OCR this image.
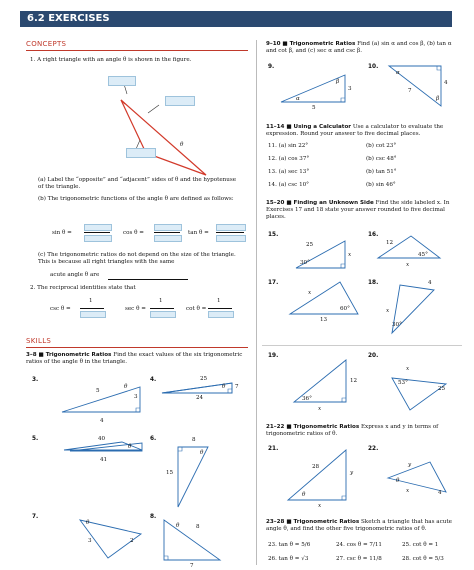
6.2 EXERCISES
CONCEPTS
1. A right triangle with an angle θ is shown in the figure.
θ
(a) Label the “opposite” and “adjacent” sides of θ and the hypotenuse of the triangle.
(b) The trigonometric functions of the angle θ are defined as follows:
sin θ =	cos θ =	tan θ =
(c) The trigonometric ratios do not depend on the size of the triangle. This is because all right triangles with the same
acute angle θ are
2. The reciprocal identities state that
csc θ =
1
sec θ =
1
cot θ =
1
SKILLS
3–8 ■ Trigonometric Ratios Find the exact values of the six trigonometric ratios of the angle θ in the triangle.
3.
5
3
4
θ
4.	25
7
24
θ
5.	40
41
θ
6.	8
15
θ
7.
3	2
θ
8.
8
7
θ
9–10 ■ Trigonometric Ratios Find (a) sin α and cos β, (b) tan α and cot β, and (c) sec α and csc β.
9.
3
5
α
β
10.
4
7
α
β
11–14 ■ Using a Calculator Use a calculator to evaluate the expression. Round your answer to five decimal places.
11. (a) sin 22°	(b) cot 23°
12. (a) cos 37°	(b) csc 48°
13. (a) sec 13°	(b) tan 51°
14. (a) csc 10°	(b) sin 46°
15–20 ■ Finding an Unknown Side Find the side labeled x. In Exercises 17 and 18 state your answer rounded to five decimal places.
15.
25
x
30°
16.
12
x
45°
17.
x
13
60°
18.	4
x
30°
19.
12
x
36°
20.
25
x
53°
21–22 ■ Trigonometric Ratios Express x and y in terms of trigonometric ratios of θ.
21.
28
y
x
θ
22.
4
y
x
θ
23–28 ■ Trigonometric Ratios Sketch a triangle that has acute angle θ, and find the other five trigonometric ratios of θ.
23. tan θ = 5/6	24. cos θ = 7/11	25. cot θ = 1
26. tan θ = √3	27. csc θ = 11/8	28. cot θ = 5/3
